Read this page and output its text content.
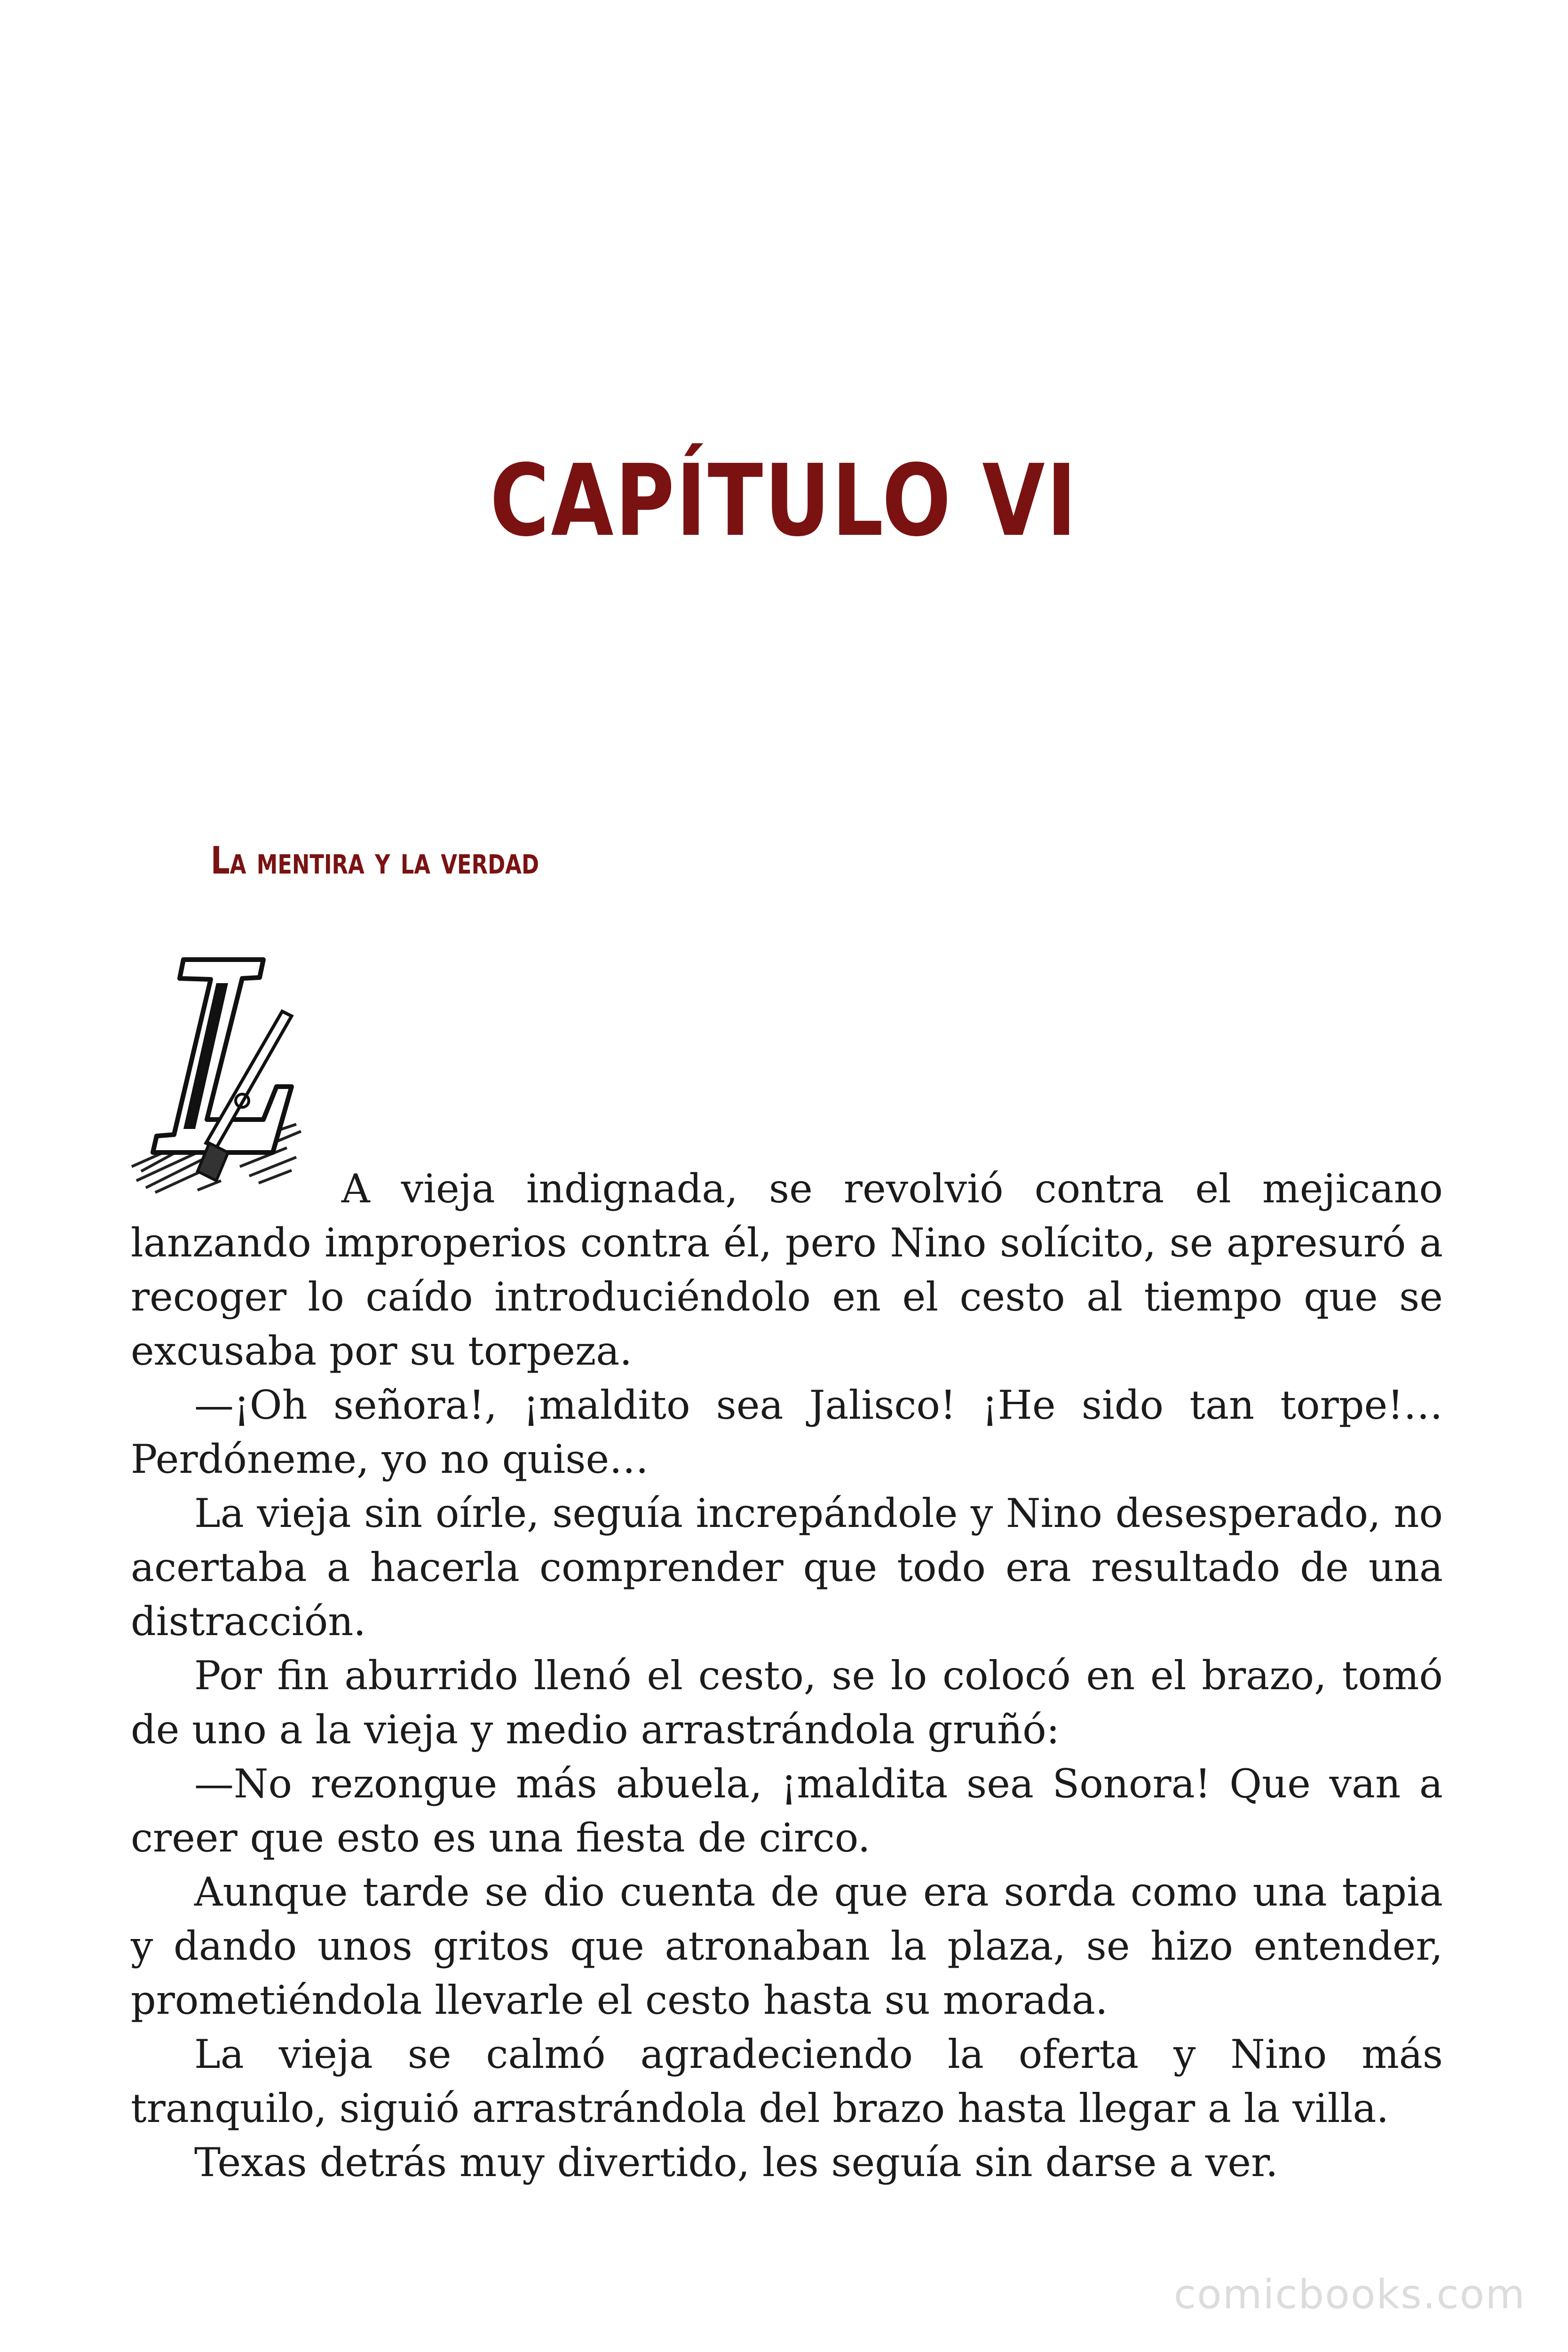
CAPÍTULO VI
La mentira y la verdad

A vieja indignada, se revolvió contra el mejicano lanzando improperios contra él, pero Nino solícito, se apresuró a recoger lo caído introduciéndolo en el cesto al tiempo que se excusaba por su torpeza.

—¡Oh señora!, ¡maldito sea Jalisco! ¡He sido tan torpe!… Perdóneme, yo no quise…

La vieja sin oírle, seguía increpándole y Nino desesperado, no acertaba a hacerla comprender que todo era resultado de una distracción.

Por fin aburrido llenó el cesto, se lo colocó en el brazo, tomó de uno a la vieja y medio arrastrándola gruñó:

—No rezongue más abuela, ¡maldita sea Sonora! Que van a creer que esto es una fiesta de circo.

Aunque tarde se dio cuenta de que era sorda como una tapia y dando unos gritos que atronaban la plaza, se hizo entender, prometiéndola llevarle el cesto hasta su morada.

La vieja se calmó agradeciendo la oferta y Nino más tranquilo, siguió arrastrándola del brazo hasta llegar a la villa.

Texas detrás muy divertido, les seguía sin darse a ver.

comicbooks.com
